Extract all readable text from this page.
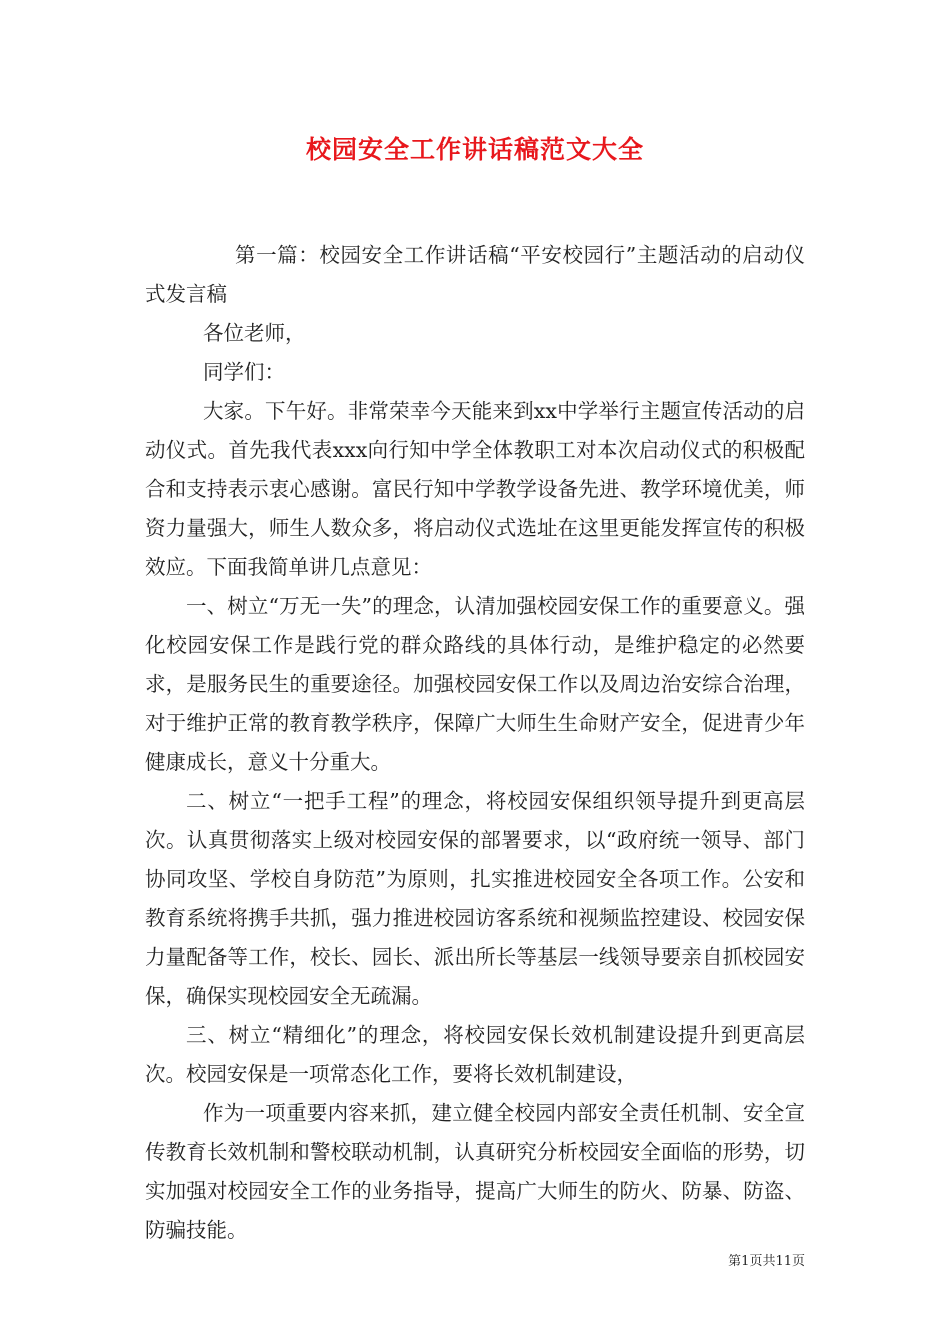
校园安全工作讲话稿范文大全

第一篇：校园安全工作讲话稿“平安校园行”主题活动的启动仪式发言稿

各位老师，

同学们：

大家。下午好。非常荣幸今天能来到xx中学举行主题宣传活动的启动仪式。首先我代表xxx向行知中学全体教职工对本次启动仪式的积极配合和支持表示衷心感谢。富民行知中学教学设备先进、教学环境优美，师资力量强大，师生人数众多，将启动仪式选址在这里更能发挥宣传的积极效应。下面我简单讲几点意见：

一、树立“万无一失”的理念，认清加强校园安保工作的重要意义。强化校园安保工作是践行党的群众路线的具体行动，是维护稳定的必然要求，是服务民生的重要途径。加强校园安保工作以及周边治安综合治理，对于维护正常的教育教学秩序，保障广大师生生命财产安全，促进青少年健康成长，意义十分重大。

二、树立“一把手工程”的理念，将校园安保组织领导提升到更高层次。认真贯彻落实上级对校园安保的部署要求，以“政府统一领导、部门协同攻坚、学校自身防范”为原则，扎实推进校园安全各项工作。公安和教育系统将携手共抓，强力推进校园访客系统和视频监控建设、校园安保力量配备等工作，校长、园长、派出所长等基层一线领导要亲自抓校园安保，确保实现校园安全无疏漏。

三、树立“精细化”的理念，将校园安保长效机制建设提升到更高层次。校园安保是一项常态化工作，要将长效机制建设，

作为一项重要内容来抓，建立健全校园内部安全责任机制、安全宣传教育长效机制和警校联动机制，认真研究分析校园安全面临的形势，切实加强对校园安全工作的业务指导，提高广大师生的防火、防暴、防盗、防骗技能。

第1页共11页
